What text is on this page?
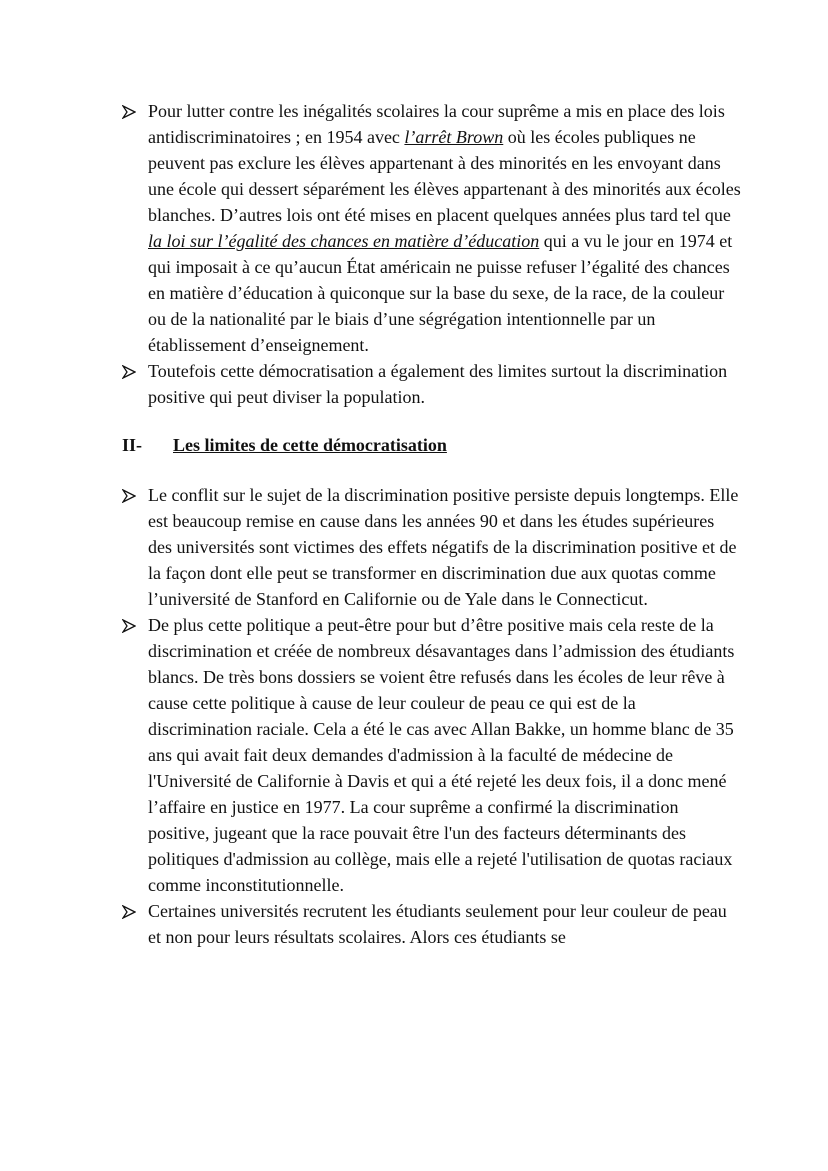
Pour lutter contre les inégalités scolaires la cour suprême a mis en place des lois antidiscriminatoires ; en 1954 avec l’arrêt Brown où les écoles publiques ne peuvent pas exclure les élèves appartenant à des minorités en les envoyant dans une école qui dessert séparément les élèves appartenant à des minorités aux écoles blanches. D’autres lois ont été mises en placent quelques années plus tard tel que la loi sur l’égalité des chances en matière d’éducation qui a vu le jour en 1974 et qui imposait à ce qu’aucun État américain ne puisse refuser l’égalité des chances en matière d’éducation à quiconque sur la base du sexe, de la race, de la couleur ou de la nationalité par le biais d’une ségrégation intentionnelle par un établissement d’enseignement.

Toutefois cette démocratisation a également des limites surtout la discrimination positive qui peut diviser la population.

II-	Les limites de cette démocratisation

Le conflit sur le sujet de la discrimination positive persiste depuis longtemps. Elle est beaucoup remise en cause dans les années 90 et dans les études supérieures des universités sont victimes des effets négatifs de la discrimination positive et de la façon dont elle peut se transformer en discrimination due aux quotas comme l’université de Stanford en Californie ou de Yale dans le Connecticut.

De plus cette politique a peut-être pour but d’être positive mais cela reste de la discrimination et créée de nombreux désavantages dans l’admission des étudiants blancs. De très bons dossiers se voient être refusés dans les écoles de leur rêve à cause cette politique à cause de leur couleur de peau ce qui est de la discrimination raciale. Cela a été le cas avec Allan Bakke, un homme blanc de 35 ans qui avait fait deux demandes d'admission à la faculté de médecine de l'Université de Californie à Davis et qui a été rejeté les deux fois, il a donc mené l’affaire en justice en 1977. La cour suprême a confirmé la discrimination positive, jugeant que la race pouvait être l'un des facteurs déterminants des politiques d'admission au collège, mais elle a rejeté l'utilisation de quotas raciaux comme inconstitutionnelle.

Certaines universités recrutent les étudiants seulement pour leur couleur de peau et non pour leurs résultats scolaires. Alors ces étudiants se
